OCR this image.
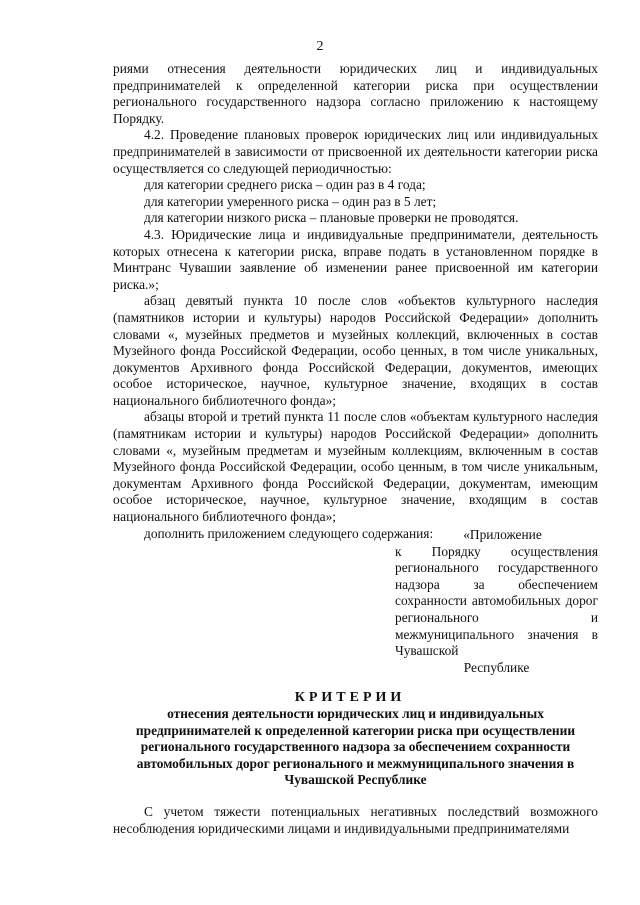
2

риями отнесения деятельности юридических лиц и индивидуальных предпринимателей к определенной категории риска при осуществлении регионального государственного надзора согласно приложению к настоящему Порядку.

4.2. Проведение плановых проверок юридических лиц или индивидуальных предпринимателей в зависимости от присвоенной их деятельности категории риска осуществляется со следующей периодичностью:

для категории среднего риска – один раз в 4 года;

для категории умеренного риска – один раз в 5 лет;

для категории низкого риска – плановые проверки не проводятся.

4.3. Юридические лица и индивидуальные предприниматели, деятельность которых отнесена к категории риска, вправе подать в установленном порядке в Минтранс Чувашии заявление об изменении ранее присвоенной им категории риска.»;

абзац девятый пункта 10 после слов «объектов культурного наследия (памятников истории и культуры) народов Российской Федерации» дополнить словами «, музейных предметов и музейных коллекций, включенных в состав Музейного фонда Российской Федерации, особо ценных, в том числе уникальных, документов Архивного фонда Российской Федерации, документов, имеющих особое историческое, научное, культурное значение, входящих в состав национального библиотечного фонда»;

абзацы второй и третий пункта 11 после слов «объектам культурного наследия (памятникам истории и культуры) народов Российской Федерации» дополнить словами «, музейным предметам и музейным коллекциям, включенным в состав Музейного фонда Российской Федерации, особо ценным, в том числе уникальным, документам Архивного фонда Российской Федерации, документам, имеющим особое историческое, научное, культурное значение, входящим в состав национального библиотечного фонда»;

дополнить приложением следующего содержания:	«Приложение

к Порядку осуществления регионального государственного надзора за обеспечением сохранности автомобильных дорог регионального и межмуниципального значения в Чувашской

Республике

КРИТЕРИИ
отнесения деятельности юридических лиц и индивидуальных предпринимателей к определенной категории риска при осуществлении регионального государственного надзора за обеспечением сохранности автомобильных дорог регионального и межмуниципального значения в Чувашской Республике

С учетом тяжести потенциальных негативных последствий возможного несоблюдения юридическими лицами и индивидуальными предпринимателями
